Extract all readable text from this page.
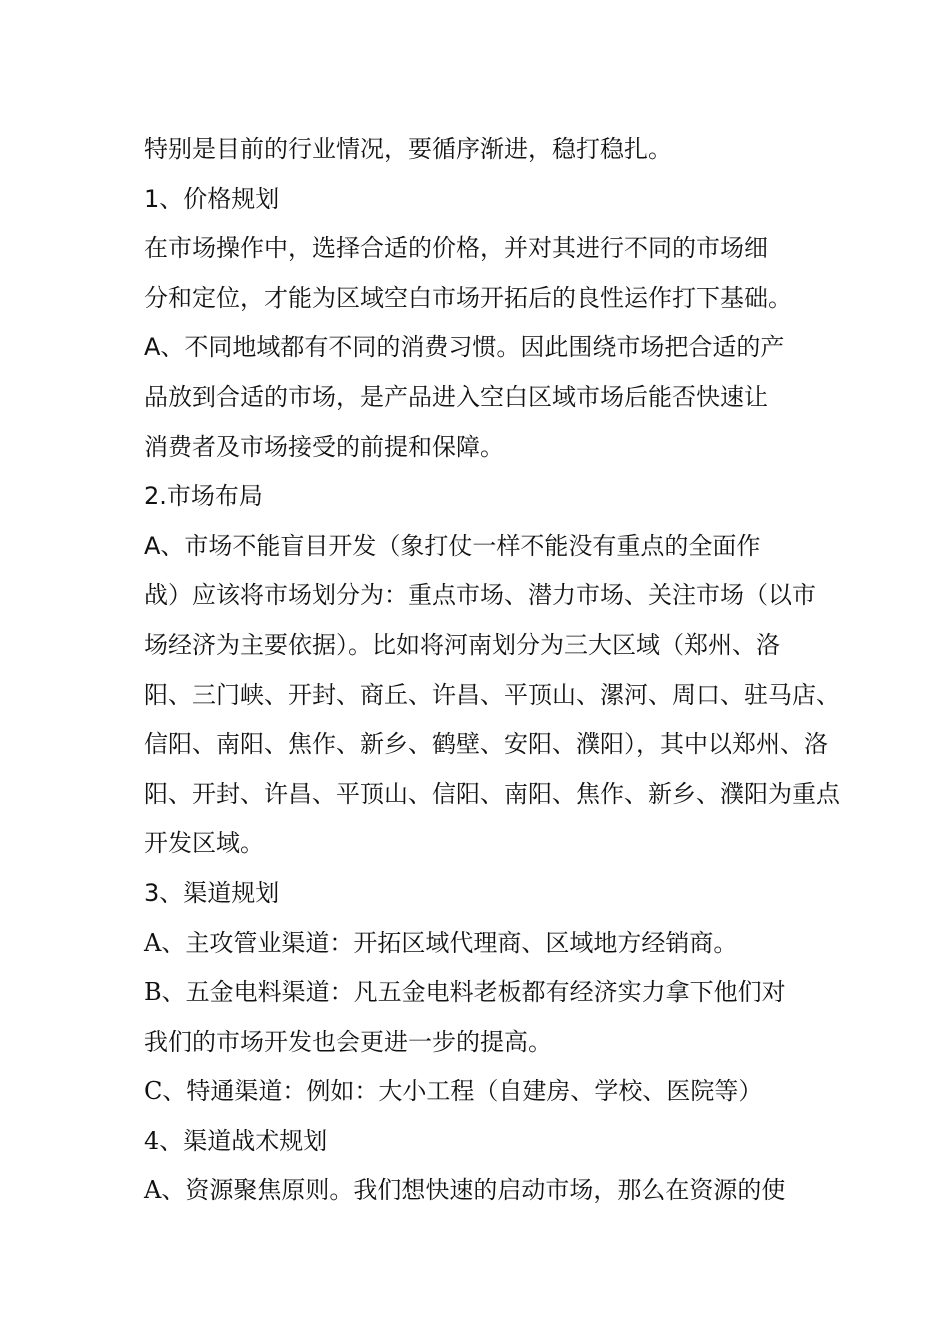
特别是目前的行业情况，要循序渐进，稳打稳扎。
1、价格规划
在市场操作中，选择合适的价格，并对其进行不同的市场细
分和定位，才能为区域空白市场开拓后的良性运作打下基础。
A、不同地域都有不同的消费习惯。因此围绕市场把合适的产
品放到合适的市场，是产品进入空白区域市场后能否快速让
消费者及市场接受的前提和保障。
2.市场布局
A、市场不能盲目开发（象打仗一样不能没有重点的全面作
战）应该将市场划分为：重点市场、潜力市场、关注市场（以市
场经济为主要依据）。比如将河南划分为三大区域（郑州、洛
阳、三门峡、开封、商丘、许昌、平顶山、漯河、周口、驻马店、
信阳、南阳、焦作、新乡、鹤壁、安阳、濮阳），其中以郑州、洛
阳、开封、许昌、平顶山、信阳、南阳、焦作、新乡、濮阳为重点
开发区域。
3、渠道规划
A、主攻管业渠道：开拓区域代理商、区域地方经销商。
B、五金电料渠道：凡五金电料老板都有经济实力拿下他们对
我们的市场开发也会更进一步的提高。
C、特通渠道：例如：大小工程（自建房、学校、医院等）
4、渠道战术规划
A、资源聚焦原则。我们想快速的启动市场，那么在资源的使
